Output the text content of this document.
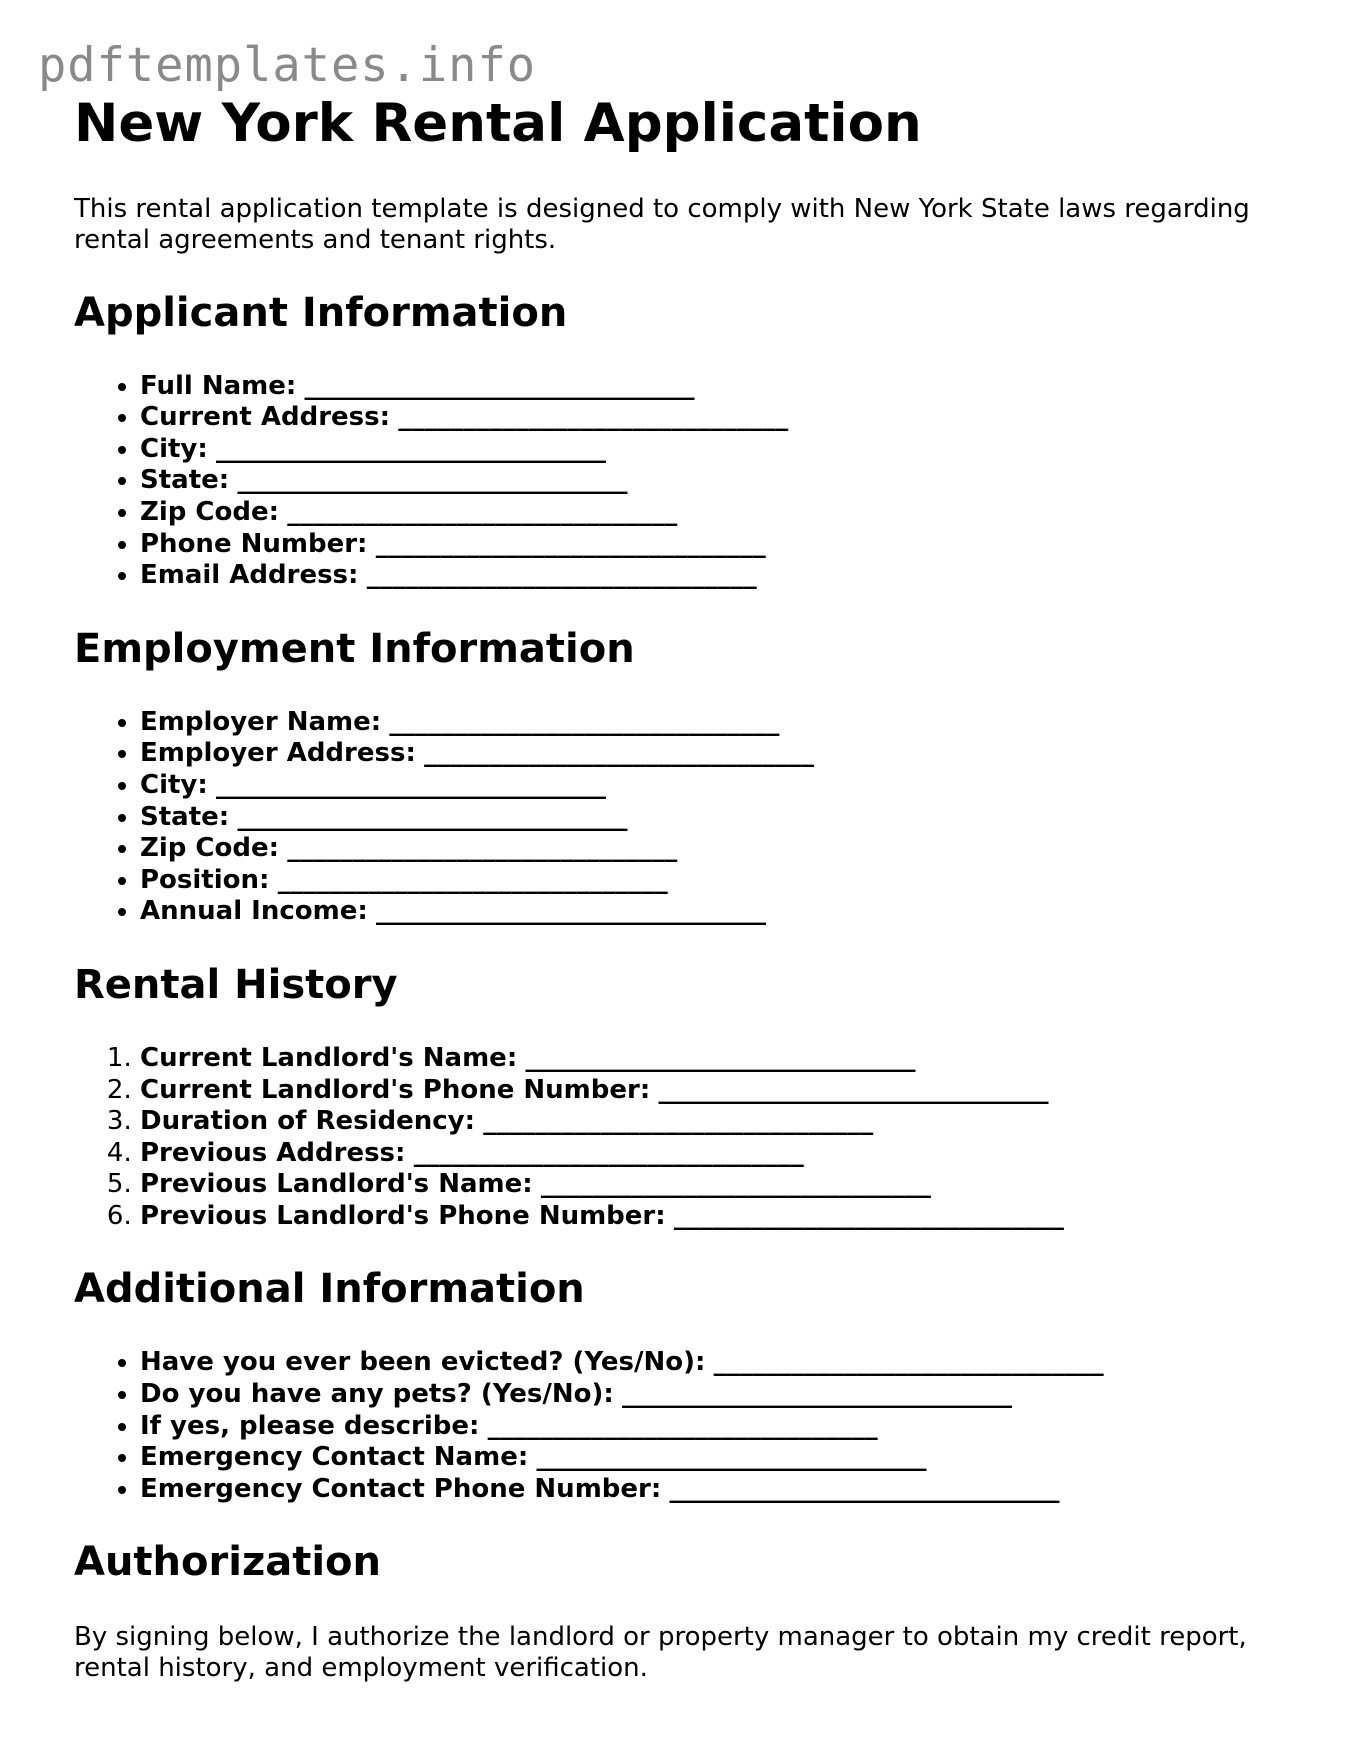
pdftemplates.info
New York Rental Application

This rental application template is designed to comply with New York State laws regarding rental agreements and tenant rights.

Applicant Information
• Full Name: ______________________________
• Current Address: ______________________________
• City: ______________________________
• State: ______________________________
• Zip Code: ______________________________
• Phone Number: ______________________________
• Email Address: ______________________________
Employment Information
• Employer Name: ______________________________
• Employer Address: ______________________________
• City: ______________________________
• State: ______________________________
• Zip Code: ______________________________
• Position: ______________________________
• Annual Income: ______________________________
Rental History
1. Current Landlord's Name: ______________________________
2. Current Landlord's Phone Number: ______________________________
3. Duration of Residency: ______________________________
4. Previous Address: ______________________________
5. Previous Landlord's Name: ______________________________
6. Previous Landlord's Phone Number: ______________________________
Additional Information
• Have you ever been evicted? (Yes/No): ______________________________
• Do you have any pets? (Yes/No): ______________________________
• If yes, please describe: ______________________________
• Emergency Contact Name: ______________________________
• Emergency Contact Phone Number: ______________________________
Authorization

By signing below, I authorize the landlord or property manager to obtain my credit report, rental history, and employment verification.
